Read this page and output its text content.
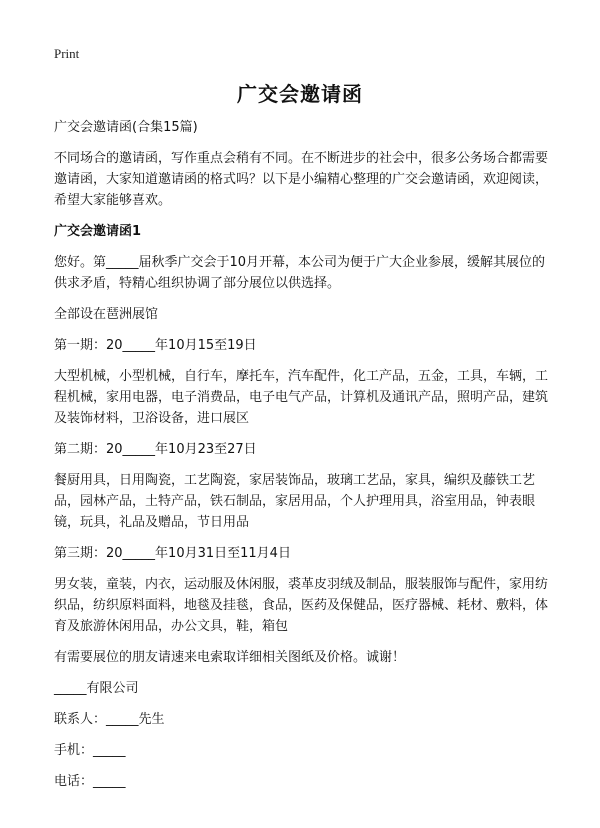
Print
广交会邀请函

广交会邀请函(合集15篇)

不同场合的邀请函，写作重点会稍有不同。在不断进步的社会中，很多公务场合都需要邀请函，大家知道邀请函的格式吗？以下是小编精心整理的广交会邀请函，欢迎阅读，希望大家能够喜欢。

广交会邀请函1

您好。第_____届秋季广交会于10月开幕，本公司为便于广大企业参展，缓解其展位的供求矛盾，特精心组织协调了部分展位以供选择。

全部设在琶洲展馆

第一期：20_____年10月15至19日

大型机械，小型机械，自行车，摩托车，汽车配件，化工产品，五金，工具，车辆，工程机械，家用电器，电子消费品，电子电气产品，计算机及通讯产品，照明产品，建筑及装饰材料，卫浴设备，进口展区

第二期：20_____年10月23至27日

餐厨用具，日用陶瓷，工艺陶瓷，家居装饰品，玻璃工艺品，家具，编织及藤铁工艺品，园林产品，土特产品，铁石制品，家居用品，个人护理用具，浴室用品，钟表眼镜，玩具，礼品及赠品，节日用品

第三期：20_____年10月31日至11月4日

男女装，童装，内衣，运动服及休闲服，裘革皮羽绒及制品，服装服饰与配件，家用纺织品，纺织原料面料，地毯及挂毯，食品，医药及保健品，医疗器械、耗材、敷料，体育及旅游休闲用品，办公文具，鞋，箱包

有需要展位的朋友请速来电索取详细相关图纸及价格。诚谢！

_____有限公司

联系人：_____先生

手机：_____

电话：_____
